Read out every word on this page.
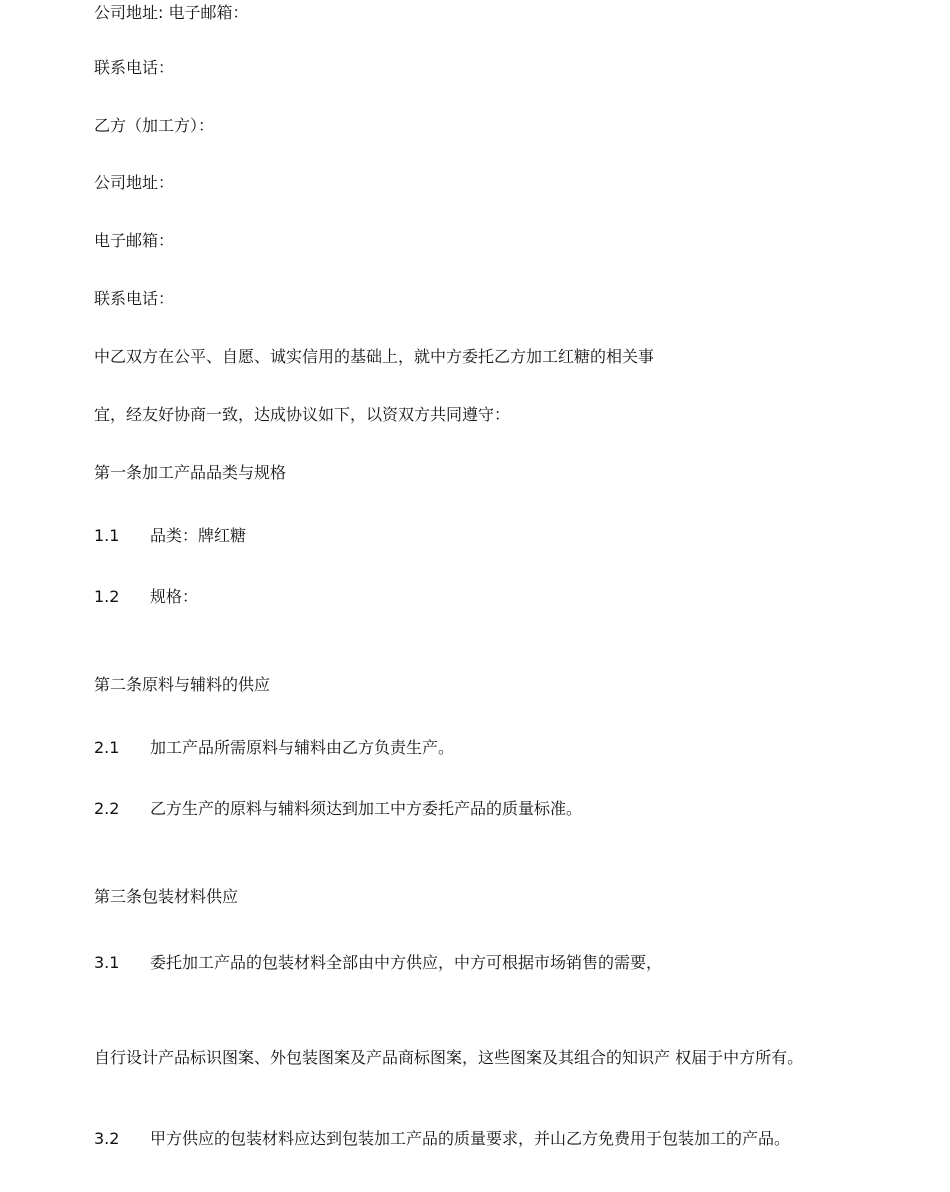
公司地址: 电子邮箱：
联系电话：
乙方（加工方）：
公司地址：
电子邮箱：
联系电话：
中乙双方在公平、自愿、诚实信用的基础上，就中方委托乙方加工红糖的相关事
宜，经友好协商一致，达成协议如下，以资双方共同遵守：
第一条加工产品品类与规格
1.1 品类：牌红糖
1.2 规格：
第二条原料与辅料的供应
2.1 加工产品所需原料与辅料由乙方负责生产。
2.2 乙方生产的原料与辅料须达到加工中方委托产品的质量标准。
第三条包装材料供应
3.1 委托加工产品的包装材料全部由中方供应，中方可根据市场销售的需要，
自行设计产品标识图案、外包装图案及产品商标图案，这些图案及其组合的知识产 权届于中方所有。
3.2 甲方供应的包装材料应达到包装加工产品的质量要求，并山乙方免费用于包装加工的产品。
